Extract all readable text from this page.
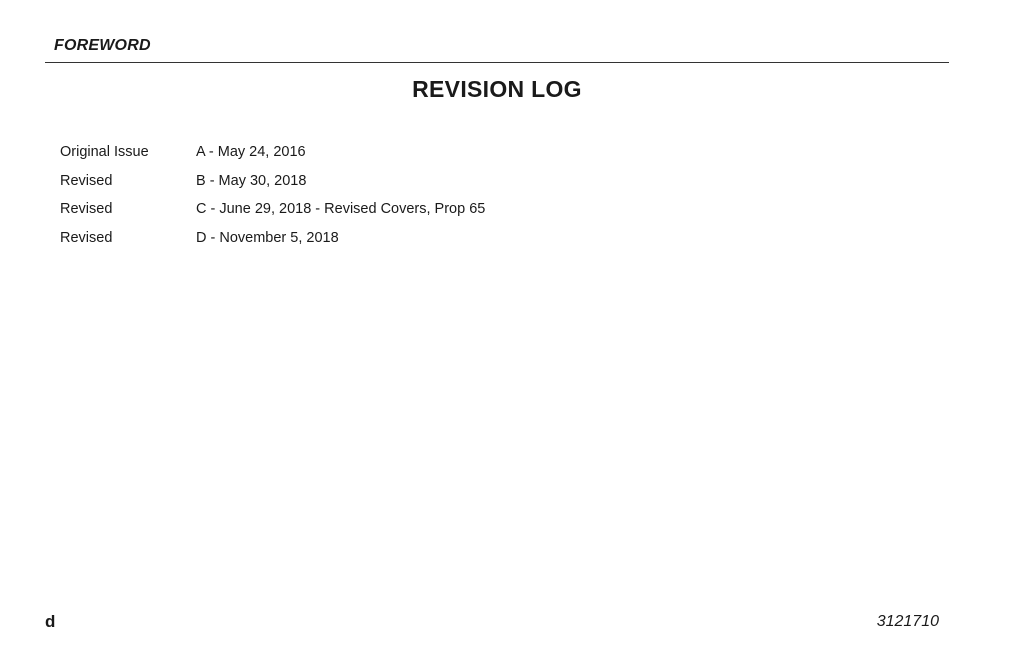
FOREWORD
REVISION LOG
Original Issue	A - May 24, 2016
Revised	B - May 30, 2018
Revised	C - June 29, 2018 - Revised Covers, Prop 65
Revised	D - November 5, 2018
d	3121710
